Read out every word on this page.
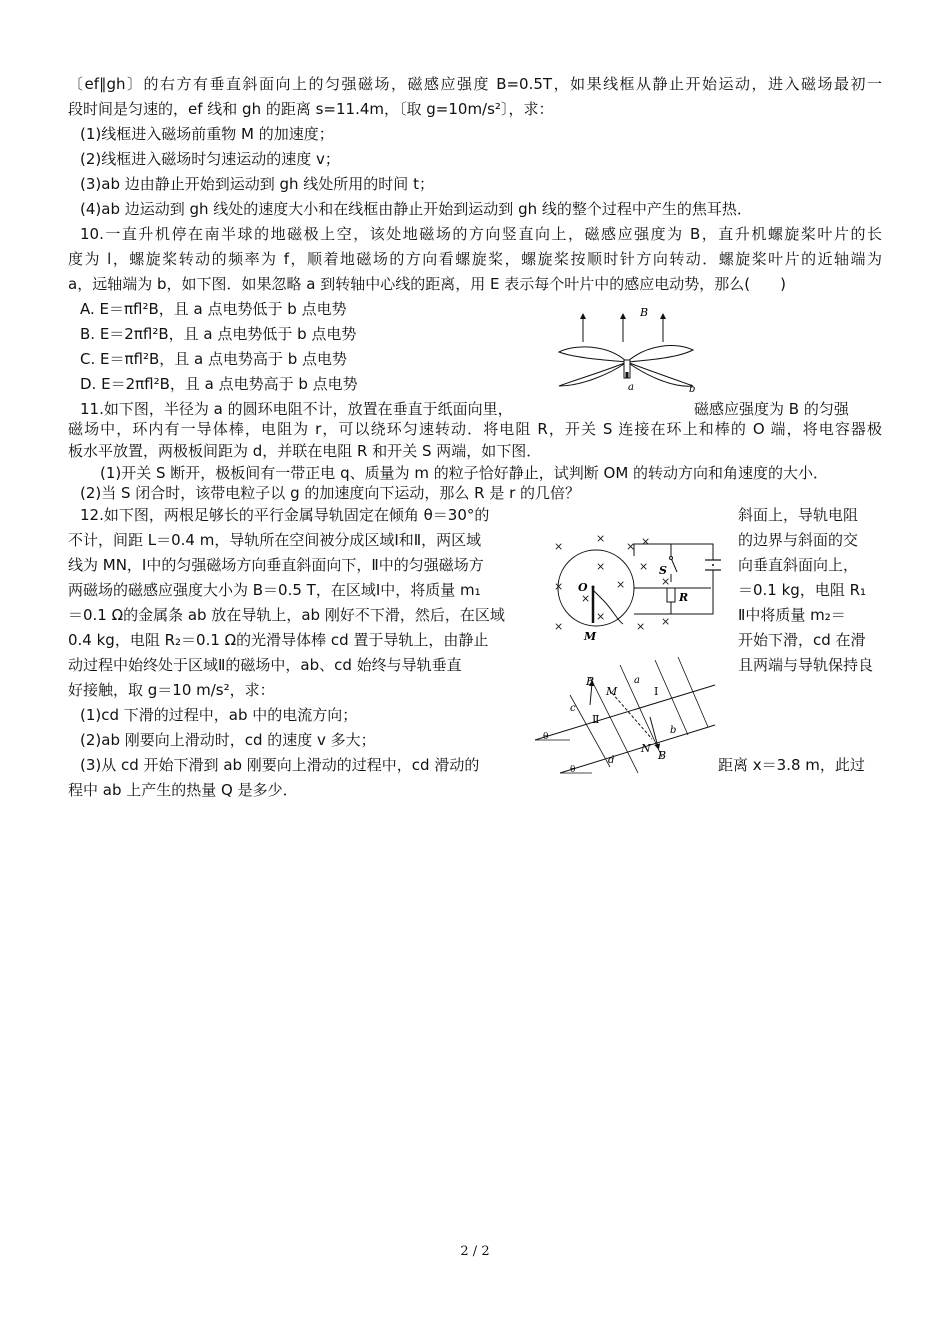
〔ef∥gh〕的右方有垂直斜面向上的匀强磁场，磁感应强度 B=0.5T，如果线框从静止开始运动，进入磁场最初一
段时间是匀速的，ef 线和 gh 的距离 s=11.4m，〔取 g=10m/s²〕，求：
(1)线框进入磁场前重物 M 的加速度；
(2)线框进入磁场时匀速运动的速度 v；
(3)ab 边由静止开始到运动到 gh 线处所用的时间 t；
(4)ab 边运动到 gh 线处的速度大小和在线框由静止开始到运动到 gh 线的整个过程中产生的焦耳热．
10.一直升机停在南半球的地磁极上空，该处地磁场的方向竖直向上，磁感应强度为 B，直升机螺旋桨叶片的长
度为 l，螺旋桨转动的频率为 f，顺着地磁场的方向看螺旋桨，螺旋桨按顺时针方向转动．螺旋桨叶片的近轴端为
a，远轴端为 b，如下图．如果忽略 a 到转轴中心线的距离，用 E 表示每个叶片中的感应电动势，那么(　　)
A. E＝πfl²B，且 a 点电势低于 b 点电势
B. E＝2πfl²B，且 a 点电势低于 b 点电势
C. E＝πfl²B，且 a 点电势高于 b 点电势
D. E＝2πfl²B，且 a 点电势高于 b 点电势
11.如下图，半径为 a 的圆环电阻不计，放置在垂直于纸面向里，	磁感应强度为 B 的匀强
磁场中，环内有一导体棒，电阻为 r，可以绕环匀速转动．将电阻 R，开关 S 连接在环上和棒的 O 端，将电容器极
板水平放置，两极板间距为 d，并联在电阻 R 和开关 S 两端，如下图．
(1)开关 S 断开，极板间有一带正电 q、质量为 m 的粒子恰好静止，试判断 OM 的转动方向和角速度的大小．
(2)当 S 闭合时，该带电粒子以 g 的加速度向下运动，那么 R 是 r 的几倍？
12.如下图，两根足够长的平行金属导轨固定在倾角 θ＝30°的	斜面上，导轨电阻
不计，间距 L＝0.4 m，导轨所在空间被分成区域Ⅰ和Ⅱ，两区域	的边界与斜面的交
线为 MN，Ⅰ中的匀强磁场方向垂直斜面向下，Ⅱ中的匀强磁场方	向垂直斜面向上，
两磁场的磁感应强度大小为 B＝0.5 T，在区域Ⅰ中，将质量 m₁	＝0.1 kg，电阻 R₁
＝0.1 Ω的金属条 ab 放在导轨上，ab 刚好不下滑，然后，在区域	Ⅱ中将质量 m₂＝
0.4 kg，电阻 R₂＝0.1 Ω的光滑导体棒 cd 置于导轨上，由静止	开始下滑，cd 在滑
动过程中始终处于区域Ⅱ的磁场中，ab、cd 始终与导轨垂直	且两端与导轨保持良
好接触，取 g＝10 m/s²，求：
(1)cd 下滑的过程中，ab 中的电流方向；
(2)ab 刚要向上滑动时，cd 的速度 v 多大；
(3)从 cd 开始下滑到 ab 刚要向上滑动的过程中，cd 滑动的	距离 x＝3.8 m，此过
程中 ab 上产生的热量 Q 是多少．
B
a	b
×
×	×
×
×	×
×
×
×
×
×
×
×
×
O
M
S
R
θ
θ
B
M
a
Ⅰ
c
Ⅱ
b
N
B
d
2 / 2
